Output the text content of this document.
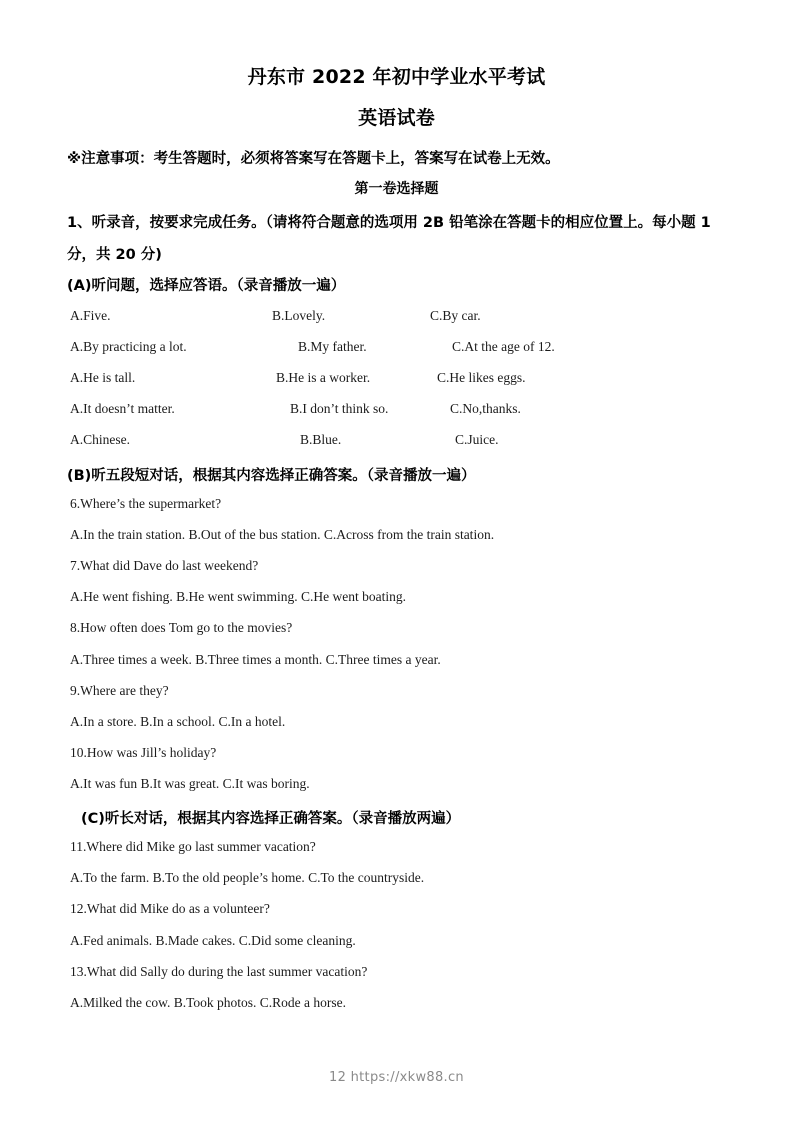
丹东市 2022 年初中学业水平考试
英语试卷
※注意事项：考生答题时，必须将答案写在答题卡上，答案写在试卷上无效。
第一卷选择题
1、听录音，按要求完成任务。（请将符合题意的选项用 2B 铅笔涂在答题卡的相应位置上。每小题 1 分，共 20 分)
(A)听问题，选择应答语。（录音播放一遍）
A.Five.	B.Lovely.	C.By car.
A.By practicing a lot.	B.My father.	C.At the age of 12.
A.He is tall.	B.He is a worker.	C.He likes eggs.
A.It doesn’t matter.	B.I don’t think so.	C.No,thanks.
A.Chinese.	B.Blue.	C.Juice.
(B)听五段短对话，根据其内容选择正确答案。（录音播放一遍）
6.Where’s the supermarket?
A.In the train station. B.Out of the bus station. C.Across from the train station.
7.What did Dave do last weekend?
A.He went fishing. B.He went swimming. C.He went boating.
8.How often does Tom go to the movies?
A.Three times a week. B.Three times a month. C.Three times a year.
9.Where are they?
A.In a store. B.In a school. C.In a hotel.
10.How was Jill’s holiday?
A.It was fun B.It was great. C.It was boring.
(C)听长对话，根据其内容选择正确答案。（录音播放两遍）
11.Where did Mike go last summer vacation?
A.To the farm. B.To the old people’s home. C.To the countryside.
12.What did Mike do as a volunteer?
A.Fed animals. B.Made cakes. C.Did some cleaning.
13.What did Sally do during the last summer vacation?
A.Milked the cow. B.Took photos. C.Rode a horse.
12 https://xkw88.cn
